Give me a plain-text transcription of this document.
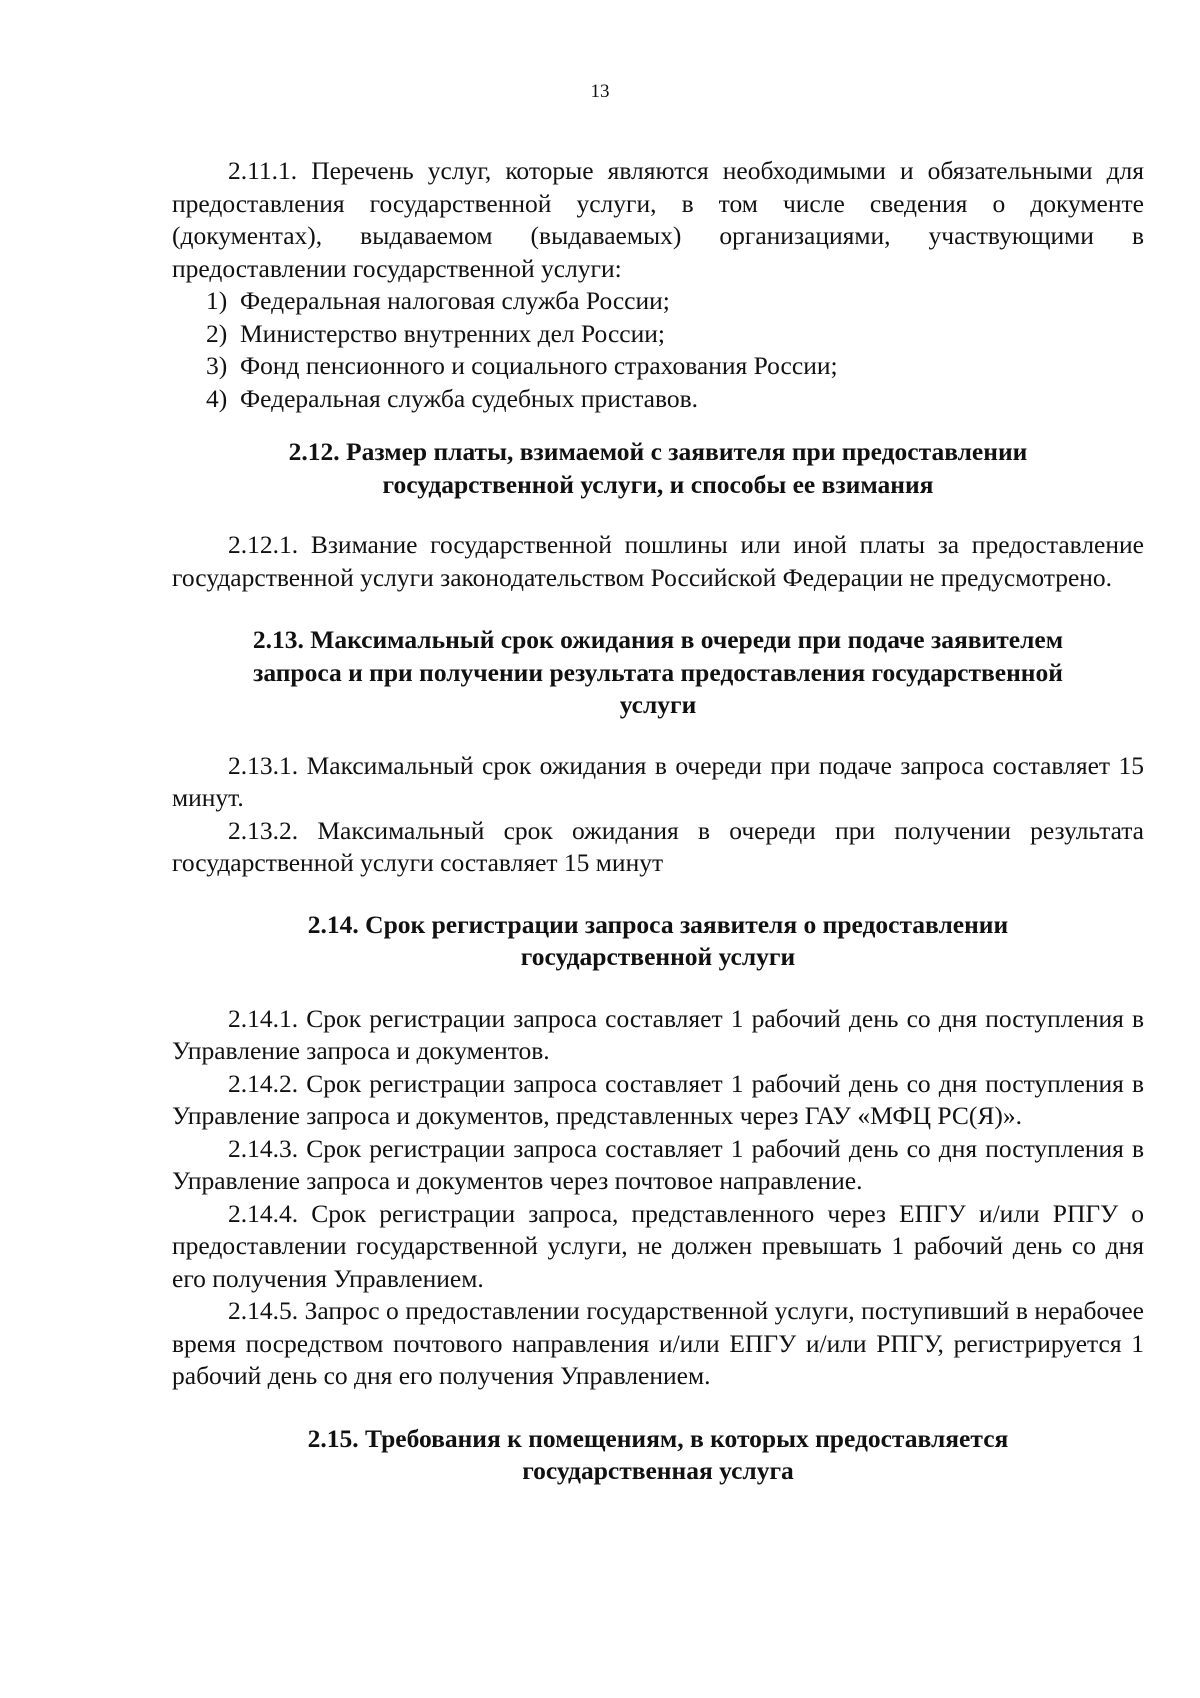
13

2.11.1. Перечень услуг, которые являются необходимыми и обязательными для предоставления государственной услуги, в том числе сведения о документе (документах), выдаваемом (выдаваемых) организациями, участвующими в предоставлении государственной услуги:

1) Федеральная налоговая служба России;

2) Министерство внутренних дел России;

3) Фонд пенсионного и социального страхования России;

4) Федеральная служба судебных приставов.

2.12. Размер платы, взимаемой с заявителя при предоставлении
государственной услуги, и способы ее взимания

2.12.1. Взимание государственной пошлины или иной платы за предоставление государственной услуги законодательством Российской Федерации не предусмотрено.

2.13. Максимальный срок ожидания в очереди при подаче заявителем
запроса и при получении результата предоставления государственной
услуги

2.13.1. Максимальный срок ожидания в очереди при подаче запроса составляет 15 минут.

2.13.2. Максимальный срок ожидания в очереди при получении результата государственной услуги составляет 15 минут

2.14. Срок регистрации запроса заявителя о предоставлении
государственной услуги

2.14.1. Срок регистрации запроса составляет 1 рабочий день со дня поступления в Управление запроса и документов.

2.14.2. Срок регистрации запроса составляет 1 рабочий день со дня поступления в Управление запроса и документов, представленных через ГАУ «МФЦ РС(Я)».

2.14.3. Срок регистрации запроса составляет 1 рабочий день со дня поступления в Управление запроса и документов через почтовое направление.

2.14.4. Срок регистрации запроса, представленного через ЕПГУ и/или РПГУ о предоставлении государственной услуги, не должен превышать 1 рабочий день со дня его получения Управлением.

2.14.5. Запрос о предоставлении государственной услуги, поступивший в нерабочее время посредством почтового направления и/или ЕПГУ и/или РПГУ, регистрируется 1 рабочий день со дня его получения Управлением.

2.15. Требования к помещениям, в которых предоставляется
государственная услуга
